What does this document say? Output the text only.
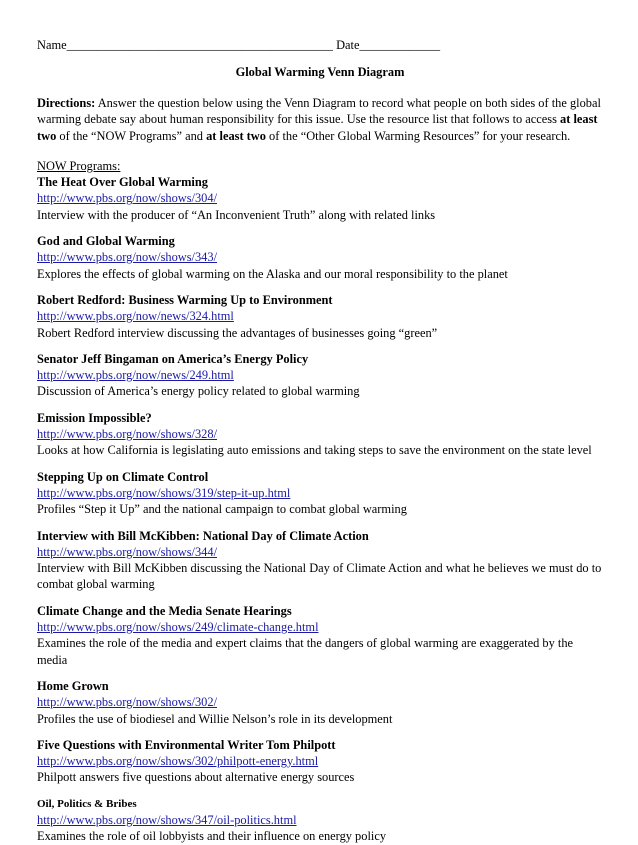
Name___________________________________________ Date_____________
Global Warming Venn Diagram
Directions: Answer the question below using the Venn Diagram to record what people on both sides of the global warming debate say about human responsibility for this issue. Use the resource list that follows to access at least two of the “NOW Programs” and at least two of the “Other Global Warming Resources” for your research.
NOW Programs:
The Heat Over Global Warming
http://www.pbs.org/now/shows/304/
Interview with the producer of “An Inconvenient Truth” along with related links
God and Global Warming
http://www.pbs.org/now/shows/343/
Explores the effects of global warming on the Alaska and our moral responsibility to the planet
Robert Redford: Business Warming Up to Environment
http://www.pbs.org/now/news/324.html
Robert Redford interview discussing the advantages of businesses going “green”
Senator Jeff Bingaman on America’s Energy Policy
http://www.pbs.org/now/news/249.html
Discussion of America’s energy policy related to global warming
Emission Impossible?
http://www.pbs.org/now/shows/328/
Looks at how California is legislating auto emissions and taking steps to save the environment on the state level
Stepping Up on Climate Control
http://www.pbs.org/now/shows/319/step-it-up.html
Profiles “Step it Up” and the national campaign to combat global warming
Interview with Bill McKibben: National Day of Climate Action
http://www.pbs.org/now/shows/344/
Interview with Bill McKibben discussing the National Day of Climate Action and what he believes we must do to combat global warming
Climate Change and the Media Senate Hearings
http://www.pbs.org/now/shows/249/climate-change.html
Examines the role of the media and expert claims that the dangers of global warming are exaggerated by the media
Home Grown
http://www.pbs.org/now/shows/302/
Profiles the use of biodiesel and Willie Nelson’s role in its development
Five Questions with Environmental Writer Tom Philpott
http://www.pbs.org/now/shows/302/philpott-energy.html
Philpott answers five questions about alternative energy sources
Oil, Politics & Bribes
http://www.pbs.org/now/shows/347/oil-politics.html
Examines the role of oil lobbyists and their influence on energy policy
